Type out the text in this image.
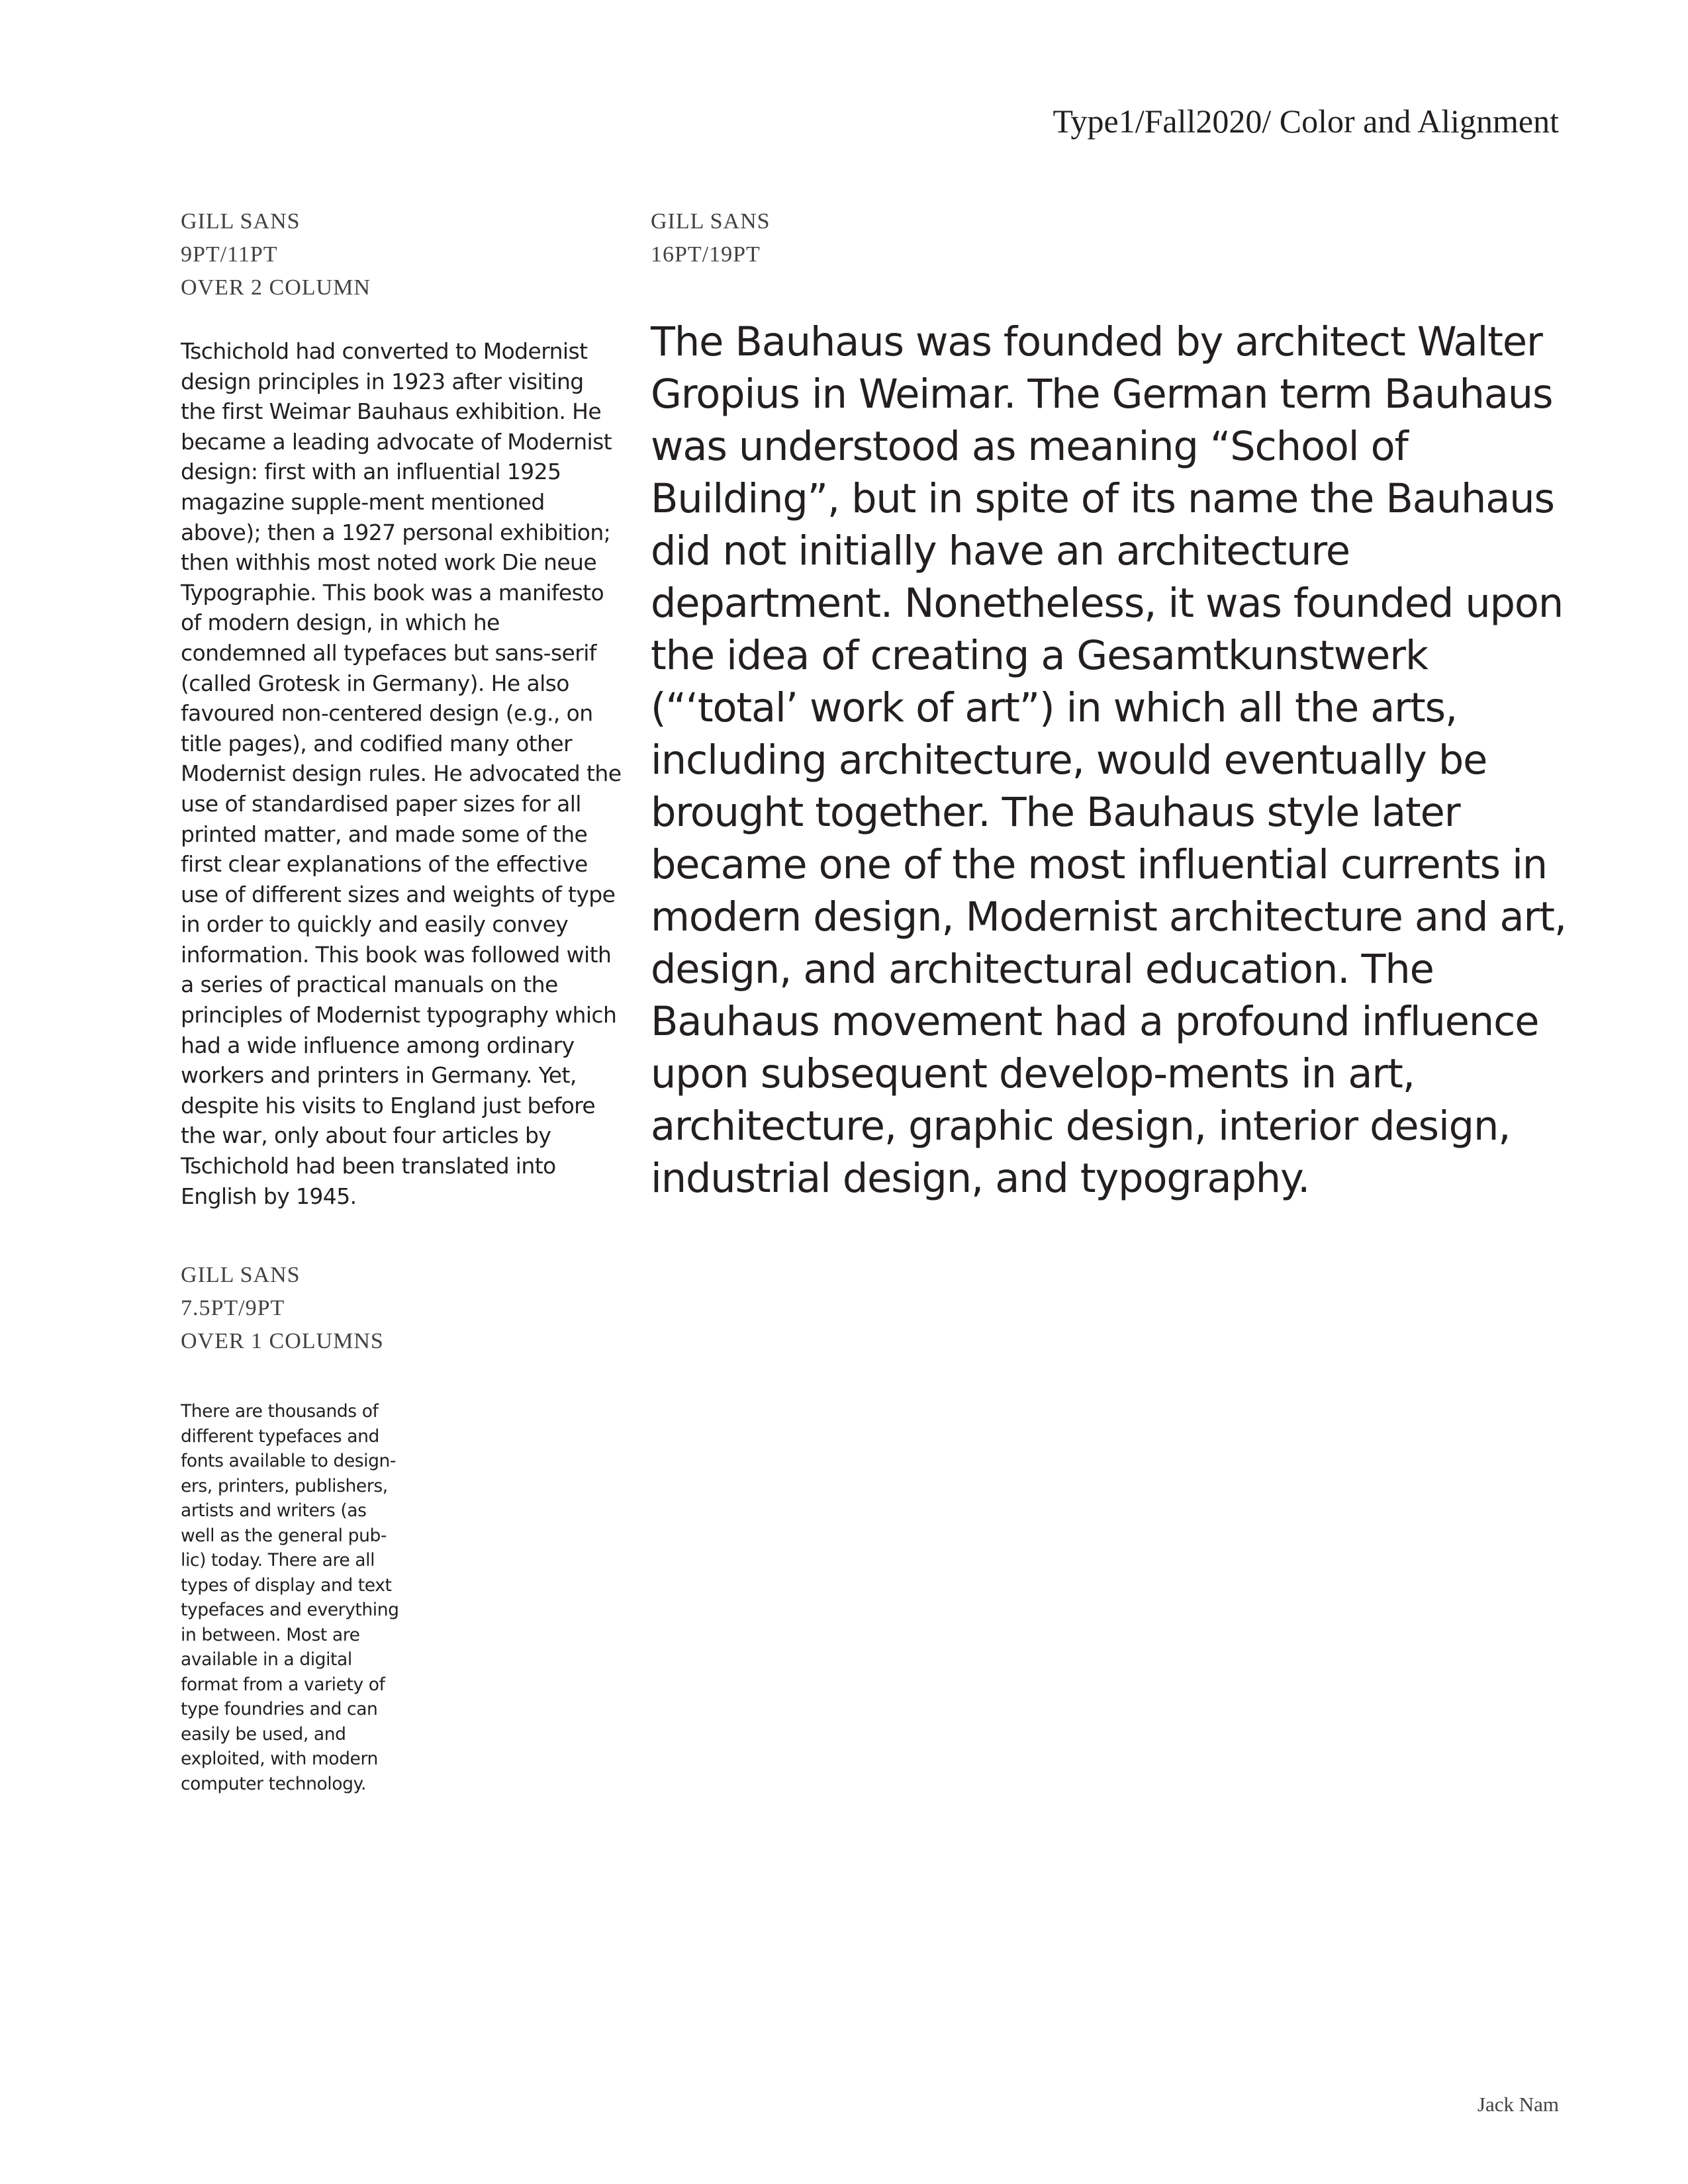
Type1/Fall2020/ Color and Alignment
GILL SANS
9PT/11PT
OVER 2 COLUMN
GILL SANS
16PT/19PT

Tschichold had converted to Modernist design principles in 1923 after visiting the first Weimar Bauhaus exhibition. He became a leading advocate of Modernist design: first with an influential 1925 magazine supple-ment mentioned above); then a 1927 personal exhibition; then withhis most noted work Die neue Typographie. This book was a manifesto of modern design, in which he condemned all typefaces but sans-serif (called Grotesk in Germany). He also favoured non-centered design (e.g., on title pages), and codified many other Modernist design rules. He advocated the use of standardised paper sizes for all printed matter, and made some of the first clear explanations of the effective use of different sizes and weights of type in order to quickly and easily convey information. This book was followed with a series of practical manuals on the principles of Modernist typography which had a wide influence among ordinary workers and printers in Germany. Yet, despite his visits to England just before the war, only about four articles by Tschichold had been translated into English by 1945.

The Bauhaus was founded by architect Walter Gropius in Weimar. The German term Bauhaus was understood as meaning “School of Building”, but in spite of its name the Bauhaus did not initially have an architecture department. Nonetheless, it was founded upon the idea of creating a Gesamtkunstwerk (“‘total’ work of art”) in which all the arts, including architecture, would eventually be brought together. The Bauhaus style later became one of the most influential currents in modern design, Modernist architecture and art, design, and architectural education. The Bauhaus movement had a profound influence upon subsequent develop-ments in art, architecture, graphic design, interior design, industrial design, and typography.

GILL SANS
7.5PT/9PT
OVER 1 COLUMNS

There are thousands of different typefaces and fonts available to design-ers, printers, publishers, artists and writers (as well as the general pub-lic) today. There are all types of display and text typefaces and everything in between. Most are available in a digital format from a variety of type foundries and can easily be used, and exploited, with modern computer technology.

Jack Nam
